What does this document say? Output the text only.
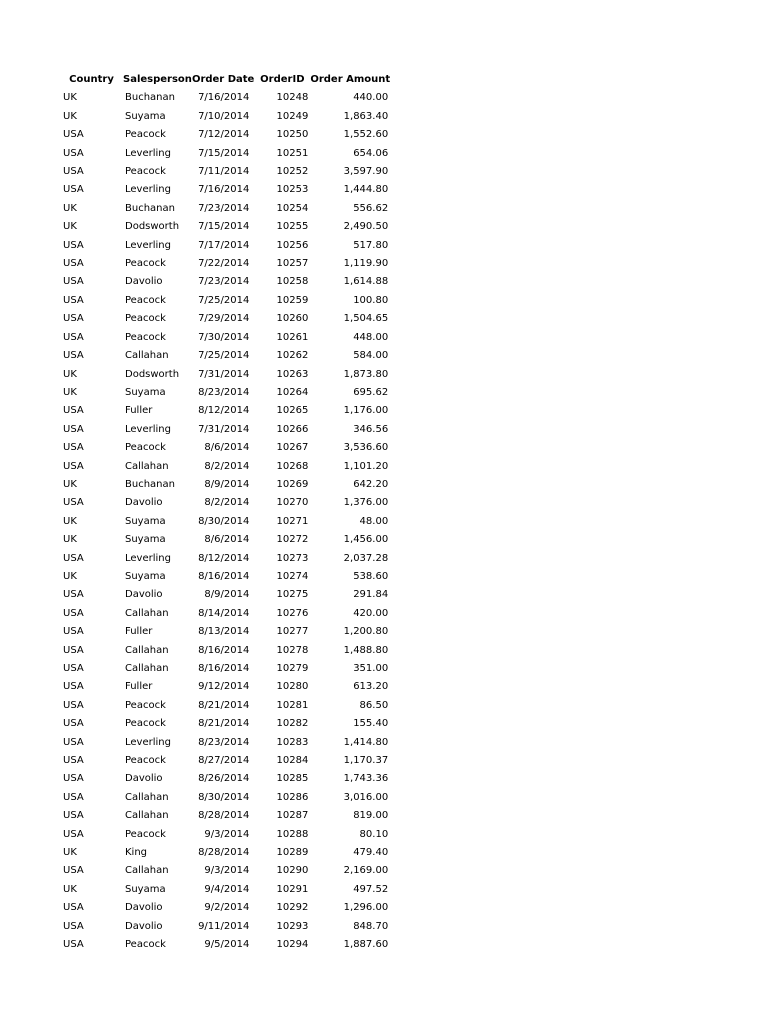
Country	Salesperson	Order Date	OrderID	Order Amount
UK	Buchanan	7/16/2014	10248	440.00
UK	Suyama	7/10/2014	10249	1,863.40
USA	Peacock	7/12/2014	10250	1,552.60
USA	Leverling	7/15/2014	10251	654.06
USA	Peacock	7/11/2014	10252	3,597.90
USA	Leverling	7/16/2014	10253	1,444.80
UK	Buchanan	7/23/2014	10254	556.62
UK	Dodsworth	7/15/2014	10255	2,490.50
USA	Leverling	7/17/2014	10256	517.80
USA	Peacock	7/22/2014	10257	1,119.90
USA	Davolio	7/23/2014	10258	1,614.88
USA	Peacock	7/25/2014	10259	100.80
USA	Peacock	7/29/2014	10260	1,504.65
USA	Peacock	7/30/2014	10261	448.00
USA	Callahan	7/25/2014	10262	584.00
UK	Dodsworth	7/31/2014	10263	1,873.80
UK	Suyama	8/23/2014	10264	695.62
USA	Fuller	8/12/2014	10265	1,176.00
USA	Leverling	7/31/2014	10266	346.56
USA	Peacock	8/6/2014	10267	3,536.60
USA	Callahan	8/2/2014	10268	1,101.20
UK	Buchanan	8/9/2014	10269	642.20
USA	Davolio	8/2/2014	10270	1,376.00
UK	Suyama	8/30/2014	10271	48.00
UK	Suyama	8/6/2014	10272	1,456.00
USA	Leverling	8/12/2014	10273	2,037.28
UK	Suyama	8/16/2014	10274	538.60
USA	Davolio	8/9/2014	10275	291.84
USA	Callahan	8/14/2014	10276	420.00
USA	Fuller	8/13/2014	10277	1,200.80
USA	Callahan	8/16/2014	10278	1,488.80
USA	Callahan	8/16/2014	10279	351.00
USA	Fuller	9/12/2014	10280	613.20
USA	Peacock	8/21/2014	10281	86.50
USA	Peacock	8/21/2014	10282	155.40
USA	Leverling	8/23/2014	10283	1,414.80
USA	Peacock	8/27/2014	10284	1,170.37
USA	Davolio	8/26/2014	10285	1,743.36
USA	Callahan	8/30/2014	10286	3,016.00
USA	Callahan	8/28/2014	10287	819.00
USA	Peacock	9/3/2014	10288	80.10
UK	King	8/28/2014	10289	479.40
USA	Callahan	9/3/2014	10290	2,169.00
UK	Suyama	9/4/2014	10291	497.52
USA	Davolio	9/2/2014	10292	1,296.00
USA	Davolio	9/11/2014	10293	848.70
USA	Peacock	9/5/2014	10294	1,887.60
